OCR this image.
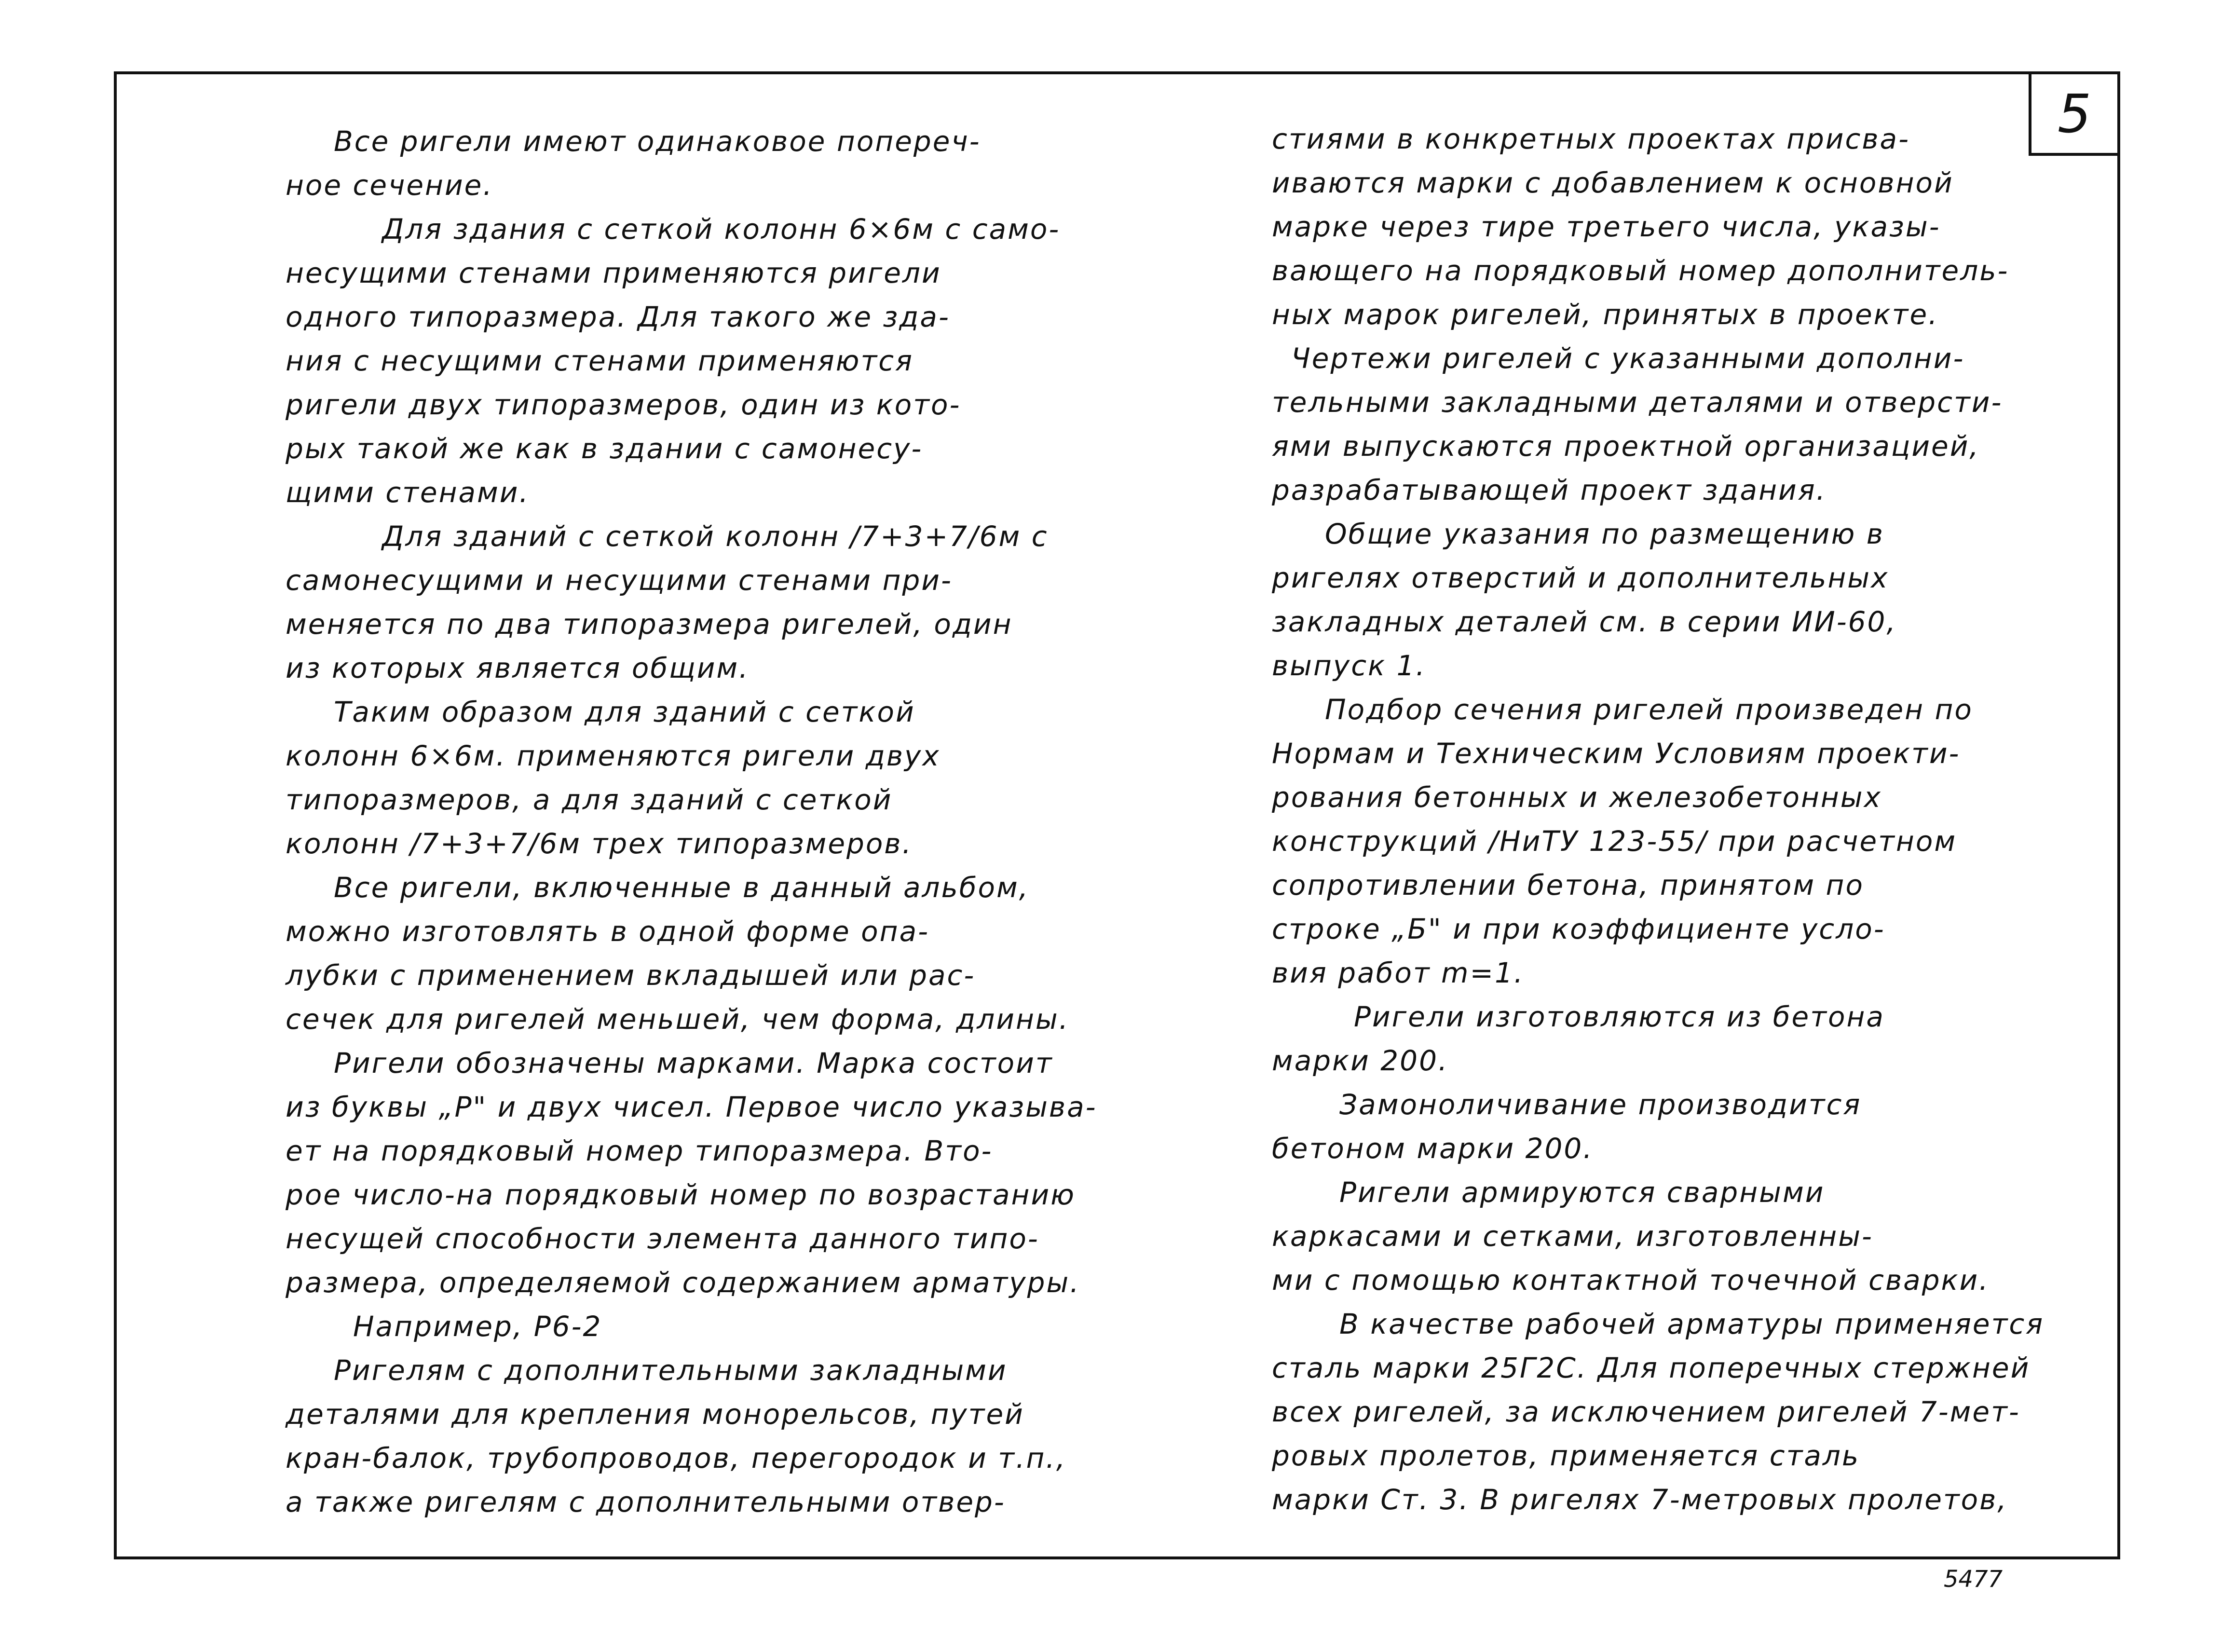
5
Все ригели имеют одинаковое попереч-
ное сечение.
Для здания с сеткой колонн 6×6м с само-
несущими стенами применяются ригели
одного типоразмера. Для такого же зда-
ния с несущими стенами применяются
ригели двух типоразмеров, один из кото-
рых такой же как в здании с самонесу-
щими стенами.
Для зданий с сеткой колонн /7+3+7/6м с
самонесущими и несущими стенами при-
меняется по два типоразмера ригелей, один
из которых является общим.
Таким образом для зданий с сеткой
колонн 6×6м. применяются ригели двух
типоразмеров, а для зданий с сеткой
колонн /7+3+7/6м трех типоразмеров.
Все ригели, включенные в данный альбом,
можно изготовлять в одной форме опа-
лубки с применением вкладышей или рас-
сечек для ригелей меньшей, чем форма, длины.
Ригели обозначены марками. Марка состоит
из буквы „Р" и двух чисел. Первое число указыва-
ет на порядковый номер типоразмера. Вто-
рое число-на порядковый номер по возрастанию
несущей способности элемента данного типо-
размера, определяемой содержанием арматуры.
Например, Р6-2
Ригелям с дополнительными закладными
деталями для крепления монорельсов, путей
кран-балок, трубопроводов, перегородок и т.п.,
а также ригелям с дополнительными отвер-
стиями в конкретных проектах присва-
иваются марки с добавлением к основной
марке через тире третьего числа, указы-
вающего на порядковый номер дополнитель-
ных марок ригелей, принятых в проекте.
Чертежи ригелей с указанными дополни-
тельными закладными деталями и отверсти-
ями выпускаются проектной организацией,
разрабатывающей проект здания.
Общие указания по размещению в
ригелях отверстий и дополнительных
закладных деталей см. в серии ИИ-60,
выпуск 1.
Подбор сечения ригелей произведен по
Нормам и Техническим Условиям проекти-
рования бетонных и железобетонных
конструкций /НиТУ 123-55/ при расчетном
сопротивлении бетона, принятом по
строке „Б" и при коэффициенте усло-
вия работ m=1.
Ригели изготовляются из бетона
марки 200.
Замоноличивание производится
бетоном марки 200.
Ригели армируются сварными
каркасами и сетками, изготовленны-
ми с помощью контактной точечной сварки.
В качестве рабочей арматуры применяется
сталь марки 25Г2С. Для поперечных стержней
всех ригелей, за исключением ригелей 7-мет-
ровых пролетов, применяется сталь
марки Ст. 3. В ригелях 7-метровых пролетов,
5477
